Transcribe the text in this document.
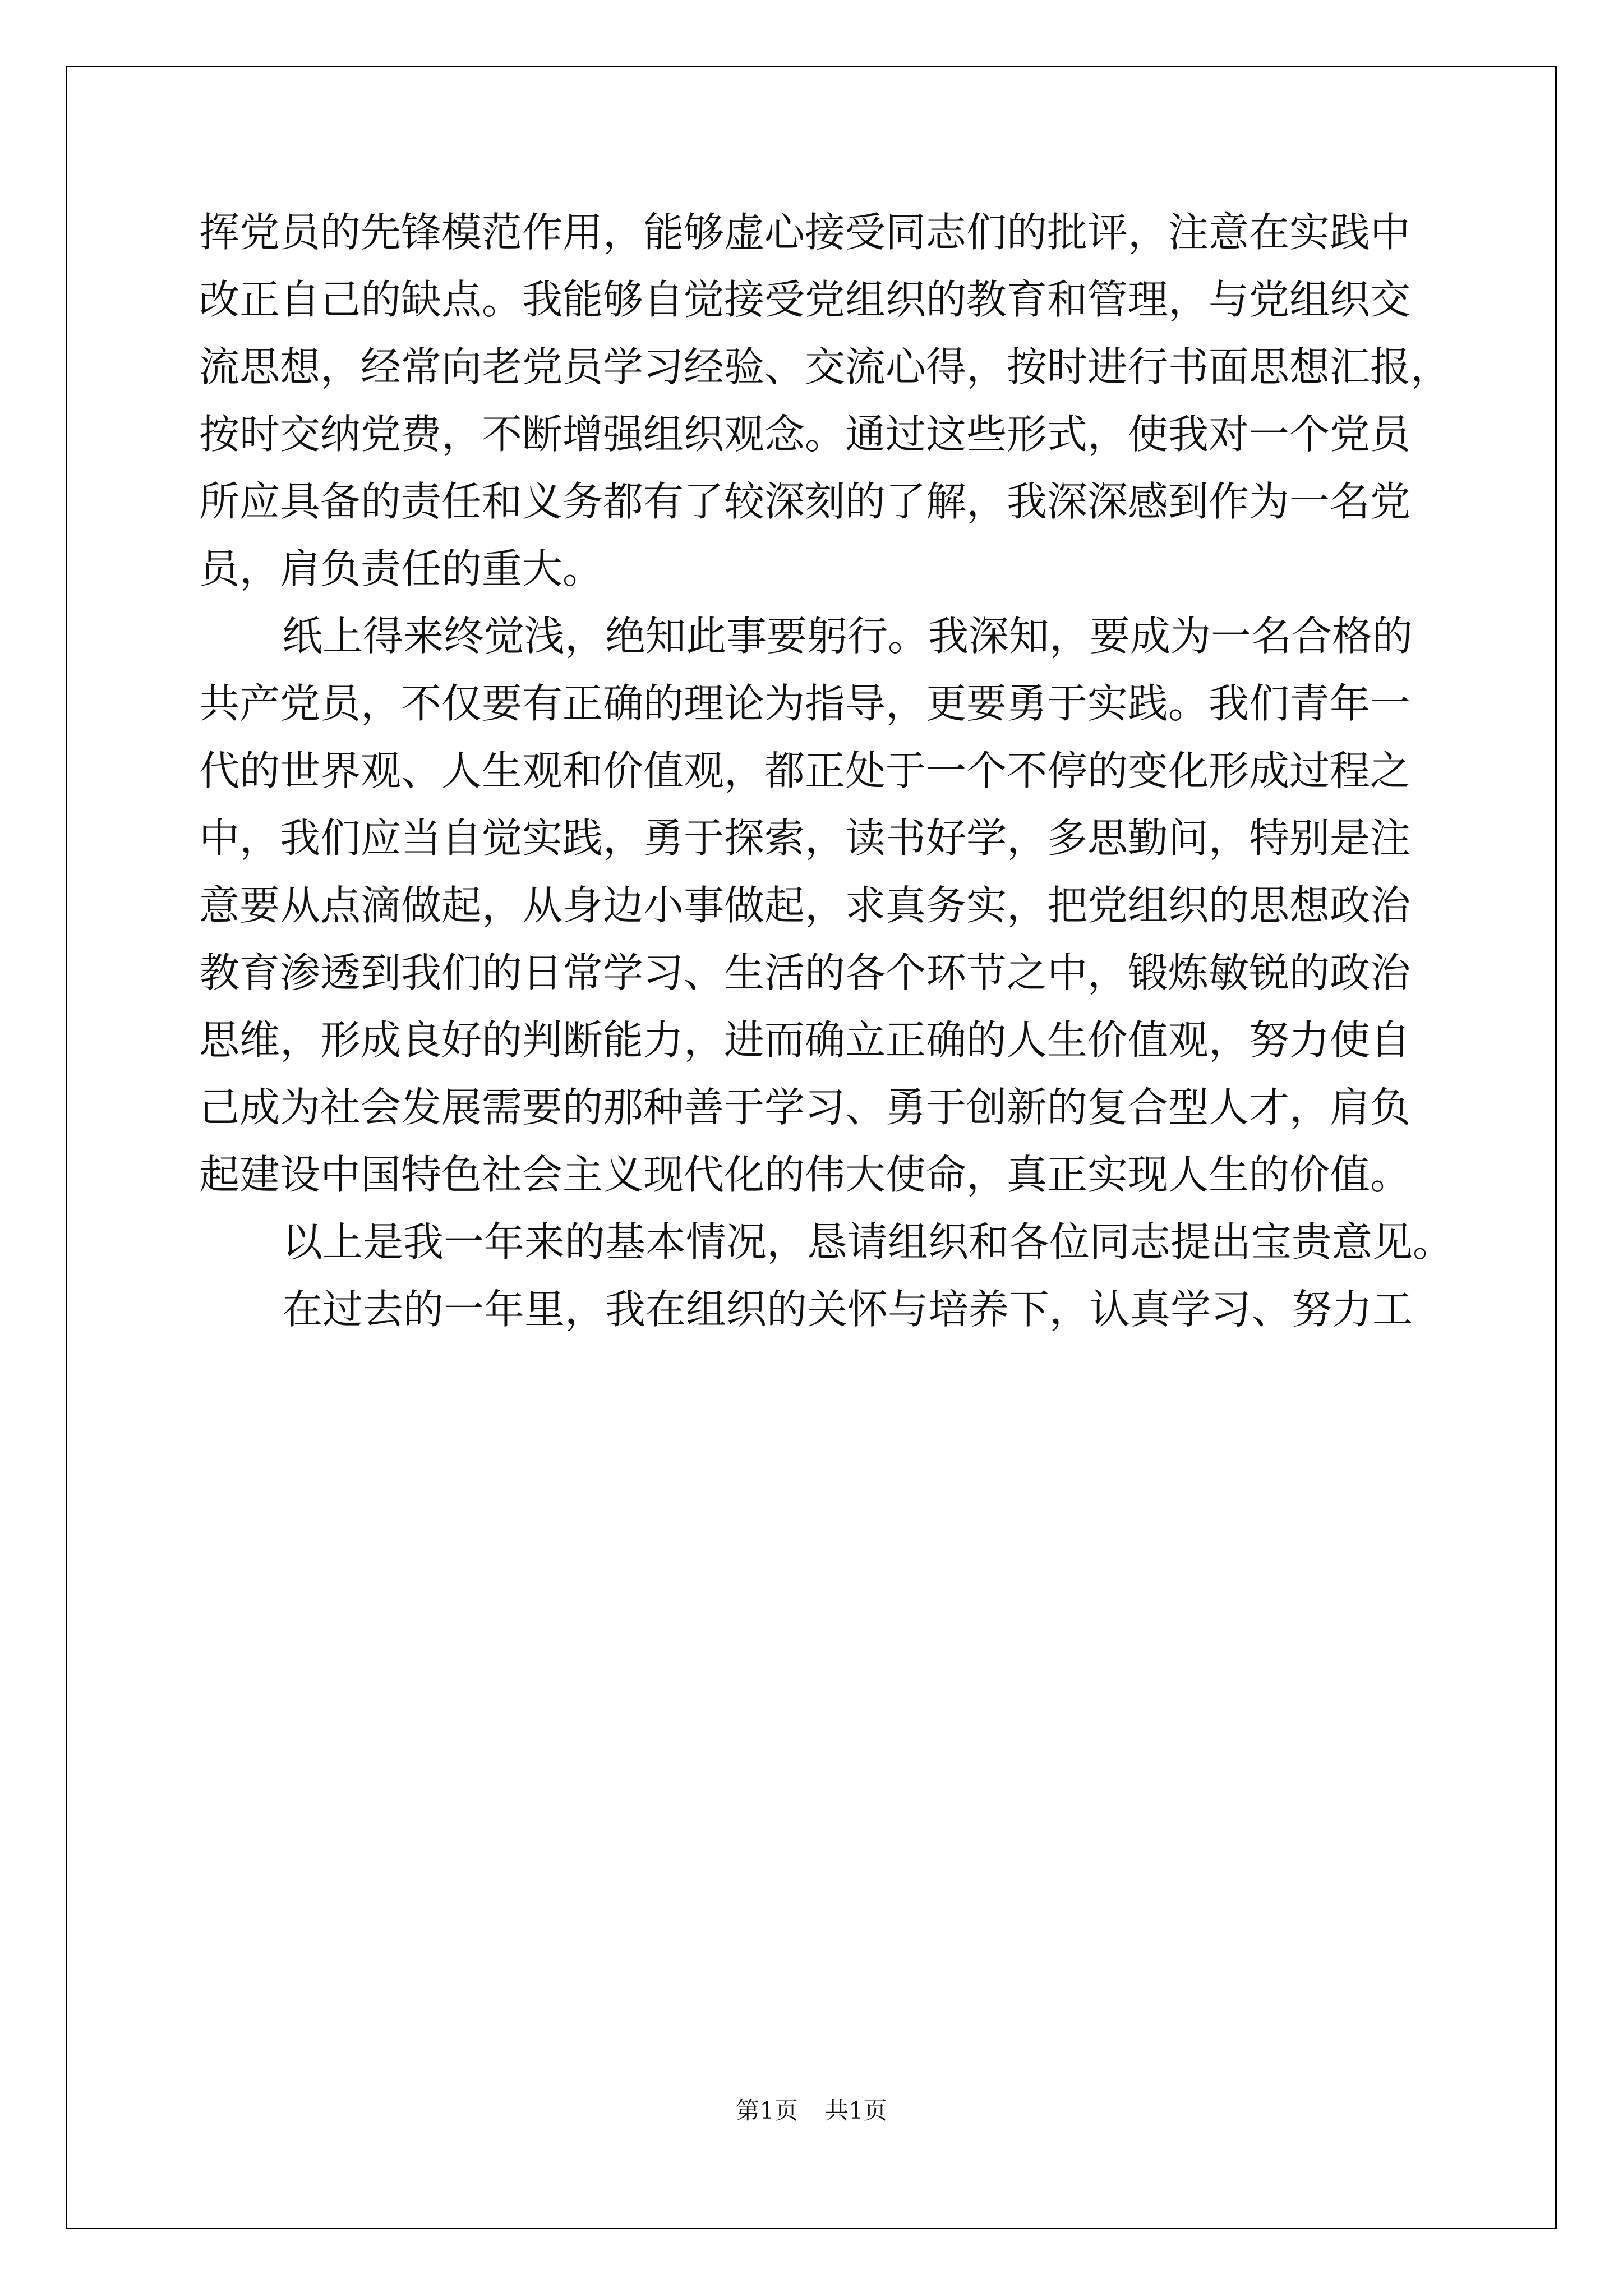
挥党员的先锋模范作用，能够虚心接受同志们的批评，注意在实践中
改正自己的缺点。我能够自觉接受党组织的教育和管理，与党组织交
流思想，经常向老党员学习经验、交流心得，按时进行书面思想汇报，
按时交纳党费，不断增强组织观念。通过这些形式，使我对一个党员
所应具备的责任和义务都有了较深刻的了解，我深深感到作为一名党
员，肩负责任的重大。
纸上得来终觉浅，绝知此事要躬行。我深知，要成为一名合格的
共产党员，不仅要有正确的理论为指导，更要勇于实践。我们青年一
代的世界观、人生观和价值观，都正处于一个不停的变化形成过程之
中，我们应当自觉实践，勇于探索，读书好学，多思勤问，特别是注
意要从点滴做起，从身边小事做起，求真务实，把党组织的思想政治
教育渗透到我们的日常学习、生活的各个环节之中，锻炼敏锐的政治
思维，形成良好的判断能力，进而确立正确的人生价值观，努力使自
己成为社会发展需要的那种善于学习、勇于创新的复合型人才，肩负
起建设中国特色社会主义现代化的伟大使命，真正实现人生的价值。
以上是我一年来的基本情况，恳请组织和各位同志提出宝贵意见。
在过去的一年里，我在组织的关怀与培养下，认真学习、努力工
第1页 共1页
